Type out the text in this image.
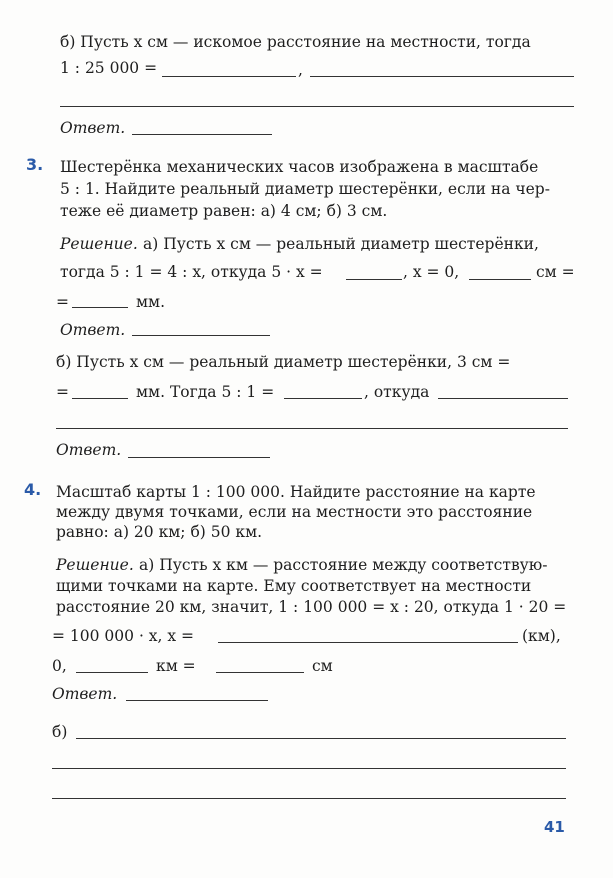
б) Пусть x см — искомое расстояние на местности, тогда
1 : 25 000 =	,
Ответ.
3. Шестерёнка механических часов изображена в масштабе
5 : 1. Найдите реальный диаметр шестерёнки, если на чер-
теже её диаметр равен: а) 4 см; б) 3 см.
Решение. а) Пусть x см — реальный диаметр шестерёнки,
тогда 5 : 1 = 4 : x, откуда 5 · x =	, x = 0,	см =
=	мм.
Ответ.
б) Пусть x см — реальный диаметр шестерёнки, 3 см =
=	мм. Тогда 5 : 1 =	, откуда
Ответ.
4. Масштаб карты 1 : 100 000. Найдите расстояние на карте
между двумя точками, если на местности это расстояние
равно: а) 20 км; б) 50 км.
Решение. а) Пусть x км — расстояние между соответствую-
щими точками на карте. Ему соответствует на местности
расстояние 20 км, значит, 1 : 100 000 = x : 20, откуда 1 · 20 =
= 100 000 · x, x =	(км),
0,	км =	см
Ответ.
б)
41
